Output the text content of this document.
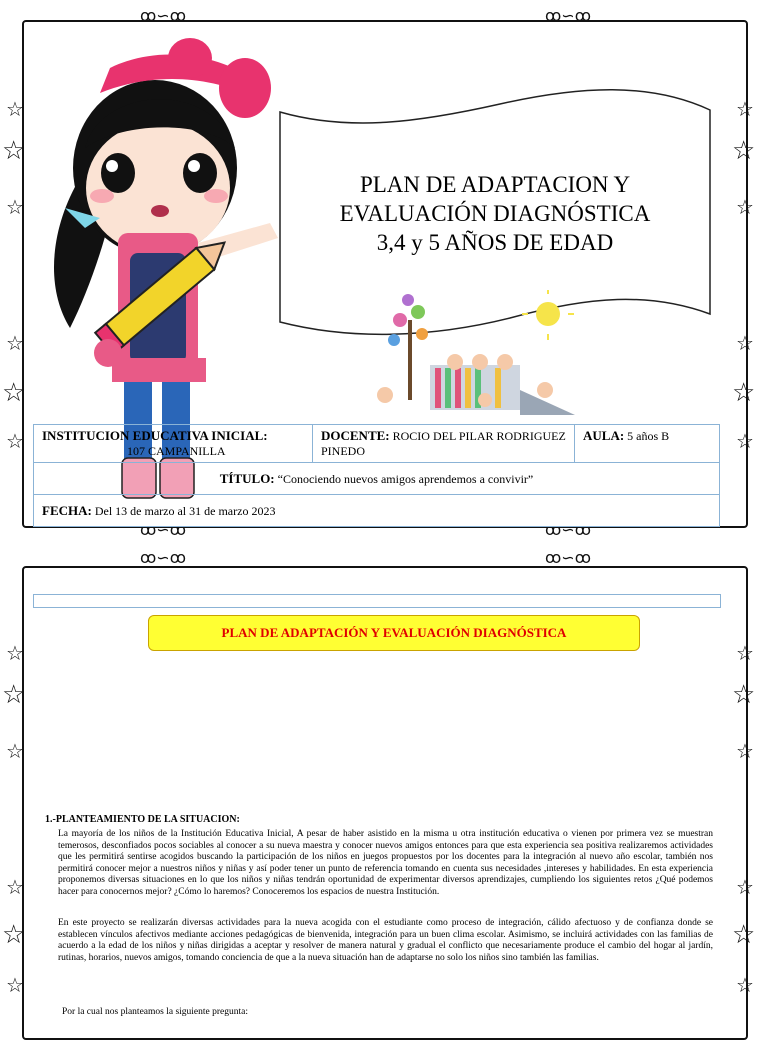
ꝏ∽ꝏ	ꝏ∽ꝏ
ꝏ∽ꝏ	ꝏ∽ꝏ
ꝏ∽ꝏ	ꝏ∽ꝏ
☆
☆
☆
☆
☆
☆
☆
☆
☆
☆
☆
☆
☆
☆
☆
☆
☆
☆
☆
☆
☆
☆
☆
☆
PLAN DE ADAPTACION Y
EVALUACIÓN DIAGNÓSTICA
3,4 y 5 AÑOS DE EDAD
INSTITUCION EDUCATIVA INICIAL:
107 CAMPANILLA	DOCENTE: ROCIO DEL PILAR RODRIGUEZ PINEDO	AULA: 5 años B
TÍTULO: “Conociendo nuevos amigos aprendemos a convivir”
FECHA: Del 13 de marzo al 31 de marzo 2023
PLAN DE ADAPTACIÓN Y EVALUACIÓN DIAGNÓSTICA
1.-PLANTEAMIENTO DE LA SITUACION:
La mayoría de los niños de la Institución Educativa Inicial, A pesar de haber asistido en la misma u otra institución educativa o vienen por primera vez se muestran temerosos, desconfiados pocos sociables al conocer a su nueva maestra y conocer nuevos amigos entonces para que esta experiencia sea positiva realizaremos actividades que les permitirá sentirse acogidos buscando la participación de los niños en juegos propuestos por los docentes para la integración al nuevo año escolar, también nos permitirá conocer mejor a nuestros niños y niñas y así poder tener un punto de referencia tomando en cuenta sus necesidades ,intereses y habilidades. En esta experiencia proponemos diversas situaciones en lo que los niños y niñas tendrán oportunidad de experimentar diversos aprendizajes, cumpliendo los siguientes retos ¿Qué podemos hacer para conocernos mejor? ¿Cómo lo haremos? Conoceremos los espacios de nuestra Institución.
En este proyecto se realizarán diversas actividades para la nueva acogida con el estudiante como proceso de integración, cálido afectuoso y de confianza donde se establecen vínculos afectivos mediante acciones pedagógicas de bienvenida, integración para un buen clima escolar. Asimismo, se incluirá actividades con las familias de acuerdo a la edad de los niños y niñas dirigidas a aceptar y resolver de manera natural y gradual el conflicto que necesariamente produce el cambio del hogar al jardín, rutinas, horarios, nuevos amigos, tomando conciencia de que a la nueva situación han de adaptarse no solo los niños sino también las familias.
Por la cual nos planteamos la siguiente pregunta:
